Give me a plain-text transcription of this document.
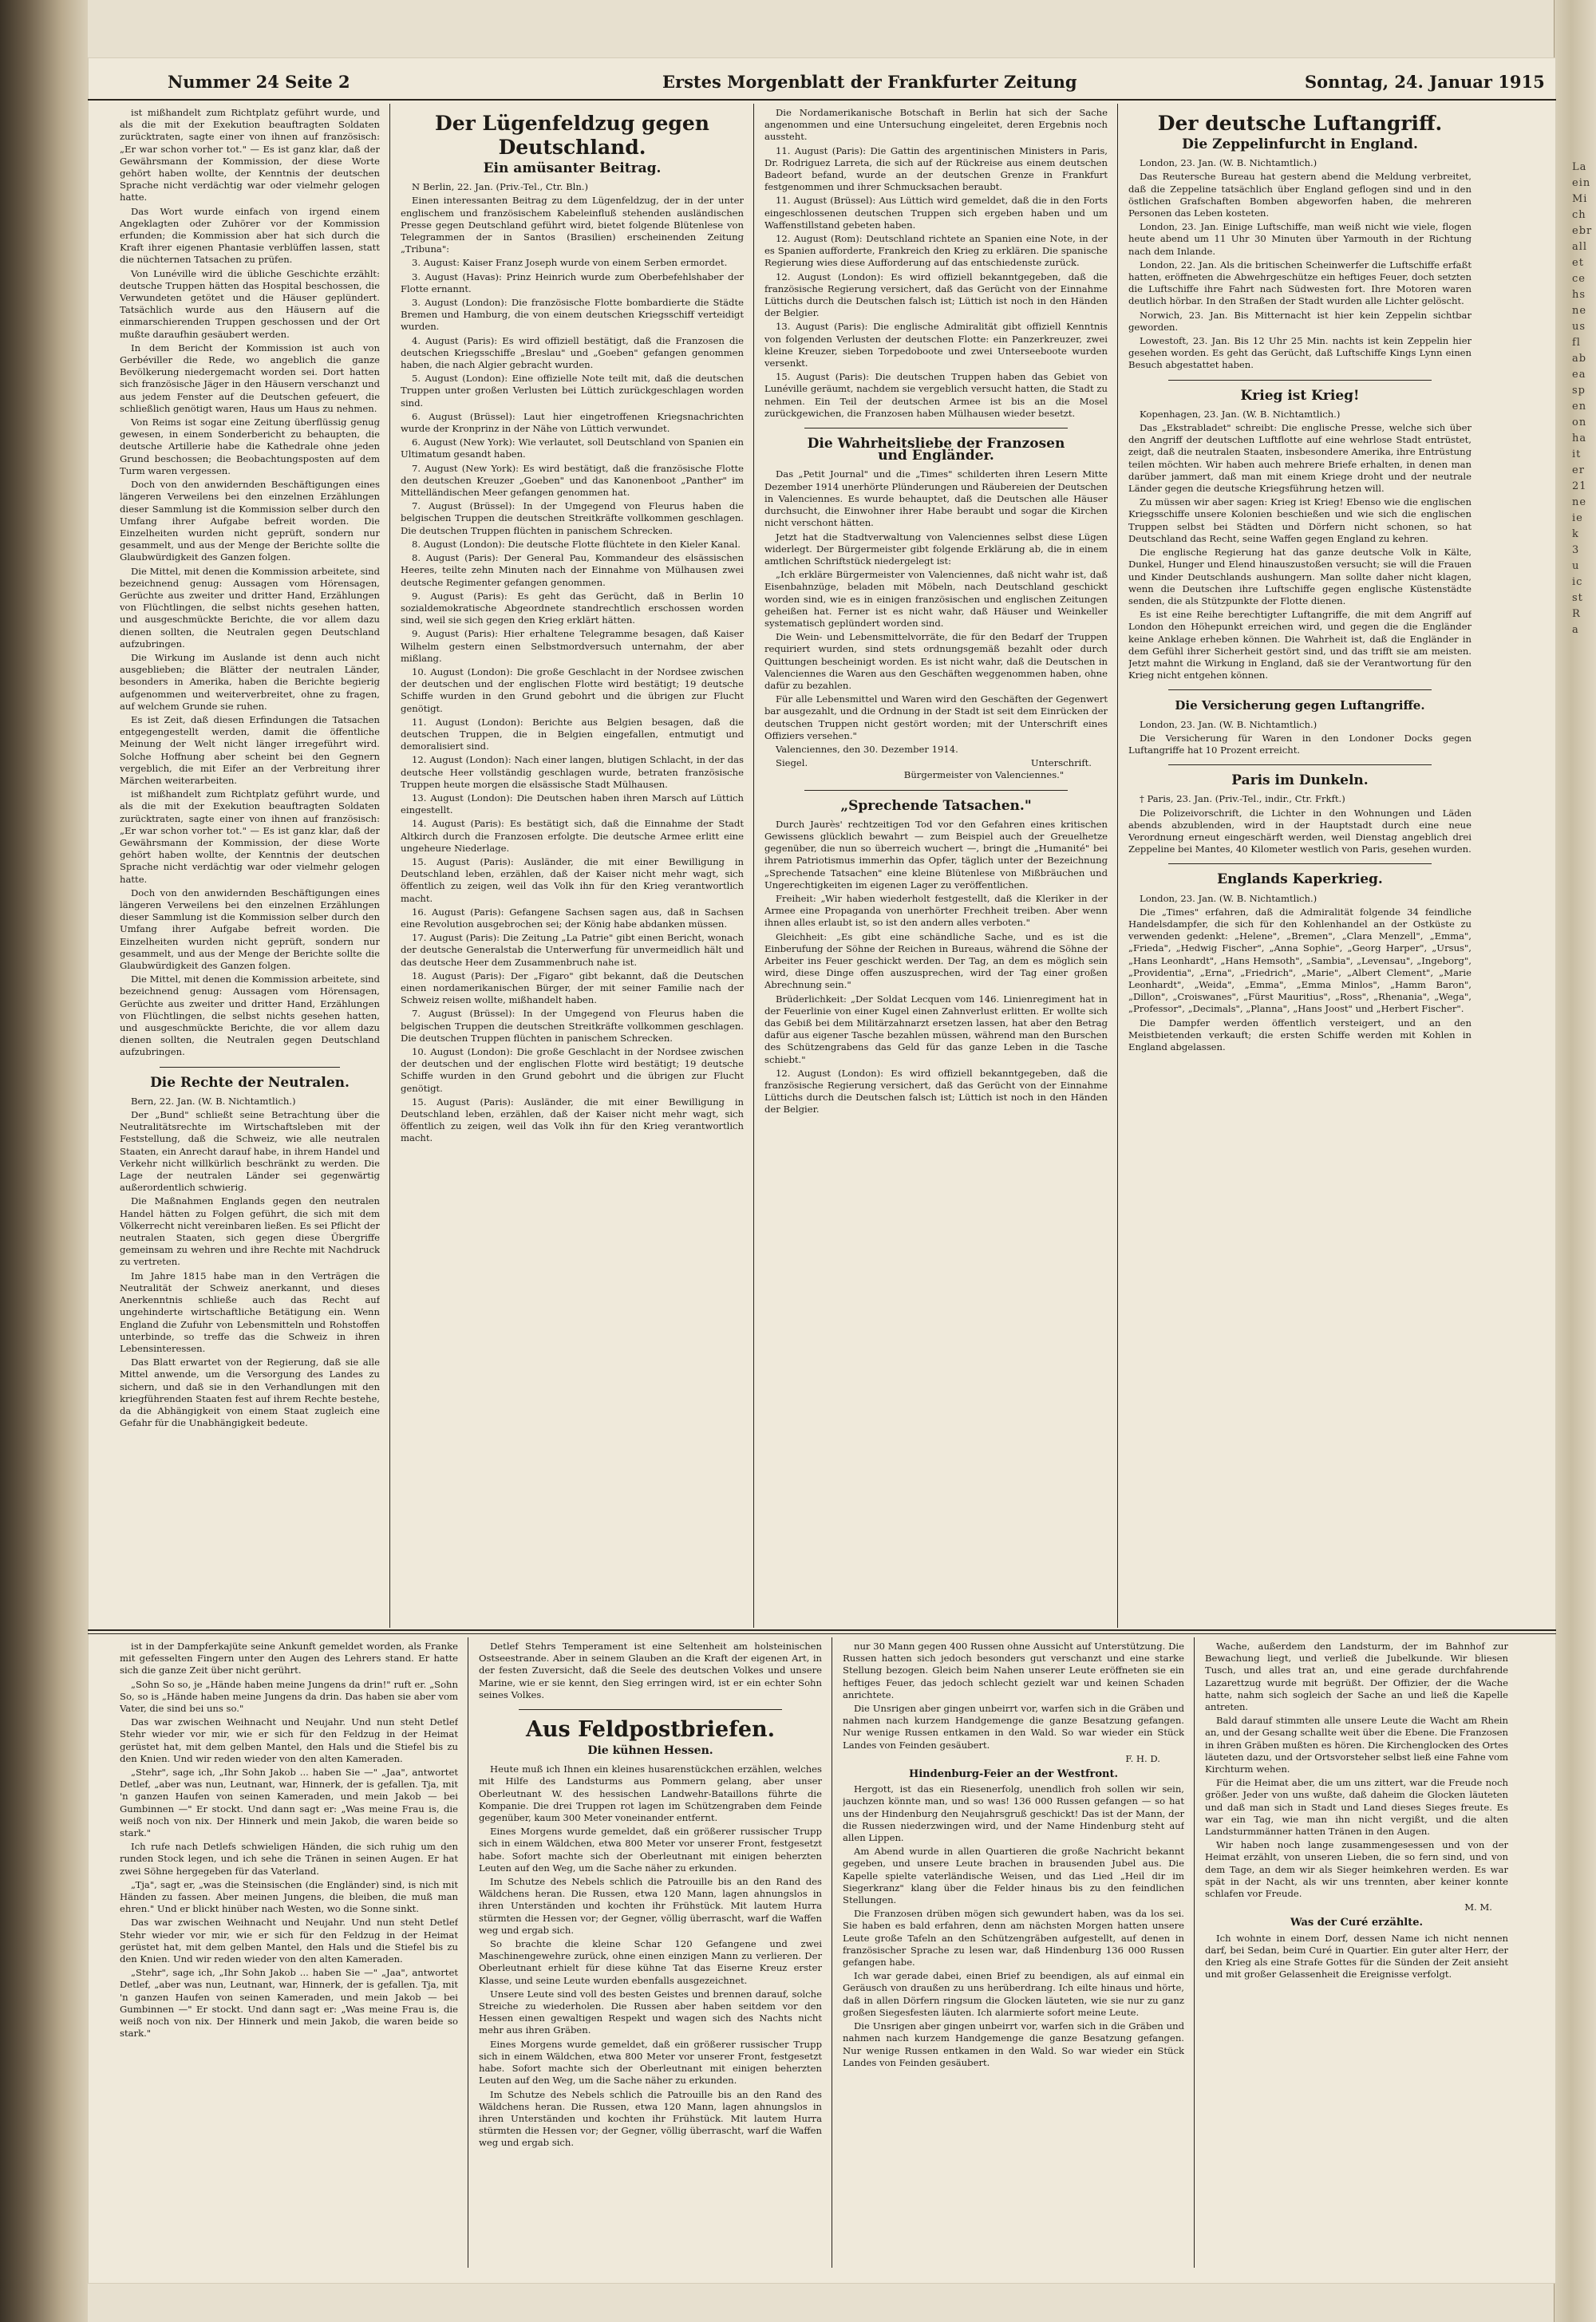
La
ein
Mi
ch
ebr
all
et
ce
hs
ne
us
fl
ab
ea
sp
en
on
ha
it
er
21
ne
ie
k
3
u
ic
st
R
a
Nummer 24 Seite 2	Erstes Morgenblatt der Frankfurter Zeitung	Sonntag, 24. Januar 1915

ist mißhandelt zum Richtplatz geführt wurde, und als die mit der Exekution beauftragten Soldaten zurücktraten, sagte einer von ihnen auf französisch: „Er war schon vorher tot." — Es ist ganz klar, daß der Gewährsmann der Kommission, der diese Worte gehört haben wollte, der Kenntnis der deutschen Sprache nicht verdächtig war oder vielmehr gelogen hatte.

Das Wort wurde einfach von irgend einem Angeklagten oder Zuhörer vor der Kommission erfunden; die Kommission aber hat sich durch die Kraft ihrer eigenen Phantasie verblüffen lassen, statt die nüchternen Tatsachen zu prüfen.

Von Lunéville wird die übliche Geschichte erzählt: deutsche Truppen hätten das Hospital beschossen, die Verwundeten getötet und die Häuser geplündert. Tatsächlich wurde aus den Häusern auf die einmarschierenden Truppen geschossen und der Ort mußte daraufhin gesäubert werden.

In dem Bericht der Kommission ist auch von Gerbéviller die Rede, wo angeblich die ganze Bevölkerung niedergemacht worden sei. Dort hatten sich französische Jäger in den Häusern verschanzt und aus jedem Fenster auf die Deutschen gefeuert, die schließlich genötigt waren, Haus um Haus zu nehmen.

Von Reims ist sogar eine Zeitung überflüssig genug gewesen, in einem Sonderbericht zu behaupten, die deutsche Artillerie habe die Kathedrale ohne jeden Grund beschossen; die Beobachtungsposten auf dem Turm waren vergessen.

Doch von den anwidernden Beschäftigungen eines längeren Verweilens bei den einzelnen Erzählungen dieser Sammlung ist die Kommission selber durch den Umfang ihrer Aufgabe befreit worden. Die Einzelheiten wurden nicht geprüft, sondern nur gesammelt, und aus der Menge der Berichte sollte die Glaubwürdigkeit des Ganzen folgen.

Die Mittel, mit denen die Kommission arbeitete, sind bezeichnend genug: Aussagen vom Hörensagen, Gerüchte aus zweiter und dritter Hand, Erzählungen von Flüchtlingen, die selbst nichts gesehen hatten, und ausgeschmückte Berichte, die vor allem dazu dienen sollten, die Neutralen gegen Deutschland aufzubringen.

Die Wirkung im Auslande ist denn auch nicht ausgeblieben; die Blätter der neutralen Länder, besonders in Amerika, haben die Berichte begierig aufgenommen und weiterverbreitet, ohne zu fragen, auf welchem Grunde sie ruhen.

Es ist Zeit, daß diesen Erfindungen die Tatsachen entgegengestellt werden, damit die öffentliche Meinung der Welt nicht länger irregeführt wird. Solche Hoffnung aber scheint bei den Gegnern vergeblich, die mit Eifer an der Verbreitung ihrer Märchen weiterarbeiten.

ist mißhandelt zum Richtplatz geführt wurde, und als die mit der Exekution beauftragten Soldaten zurücktraten, sagte einer von ihnen auf französisch: „Er war schon vorher tot." — Es ist ganz klar, daß der Gewährsmann der Kommission, der diese Worte gehört haben wollte, der Kenntnis der deutschen Sprache nicht verdächtig war oder vielmehr gelogen hatte.

Doch von den anwidernden Beschäftigungen eines längeren Verweilens bei den einzelnen Erzählungen dieser Sammlung ist die Kommission selber durch den Umfang ihrer Aufgabe befreit worden. Die Einzelheiten wurden nicht geprüft, sondern nur gesammelt, und aus der Menge der Berichte sollte die Glaubwürdigkeit des Ganzen folgen.

Die Mittel, mit denen die Kommission arbeitete, sind bezeichnend genug: Aussagen vom Hörensagen, Gerüchte aus zweiter und dritter Hand, Erzählungen von Flüchtlingen, die selbst nichts gesehen hatten, und ausgeschmückte Berichte, die vor allem dazu dienen sollten, die Neutralen gegen Deutschland aufzubringen.

Die Rechte der Neutralen.

Bern, 22. Jan. (W. B. Nichtamtlich.)

Der „Bund" schließt seine Betrachtung über die Neutralitätsrechte im Wirtschaftsleben mit der Feststellung, daß die Schweiz, wie alle neutralen Staaten, ein Anrecht darauf habe, in ihrem Handel und Verkehr nicht willkürlich beschränkt zu werden. Die Lage der neutralen Länder sei gegenwärtig außerordentlich schwierig.

Die Maßnahmen Englands gegen den neutralen Handel hätten zu Folgen geführt, die sich mit dem Völkerrecht nicht vereinbaren ließen. Es sei Pflicht der neutralen Staaten, sich gegen diese Übergriffe gemeinsam zu wehren und ihre Rechte mit Nachdruck zu vertreten.

Im Jahre 1815 habe man in den Verträgen die Neutralität der Schweiz anerkannt, und dieses Anerkenntnis schließe auch das Recht auf ungehinderte wirtschaftliche Betätigung ein. Wenn England die Zufuhr von Lebensmitteln und Rohstoffen unterbinde, so treffe das die Schweiz in ihren Lebensinteressen.

Das Blatt erwartet von der Regierung, daß sie alle Mittel anwende, um die Versorgung des Landes zu sichern, und daß sie in den Verhandlungen mit den kriegführenden Staaten fest auf ihrem Rechte bestehe, da die Abhängigkeit von einem Staat zugleich eine Gefahr für die Unabhängigkeit bedeute.

Der Lügenfeldzug gegen Deutschland.
Ein amüsanter Beitrag.

N Berlin, 22. Jan. (Priv.-Tel., Ctr. Bln.)

Einen interessanten Beitrag zu dem Lügenfeldzug, der in der unter englischem und französischem Kabeleinfluß stehenden ausländischen Presse gegen Deutschland geführt wird, bietet folgende Blütenlese von Telegrammen der in Santos (Brasilien) erscheinenden Zeitung „Tribuna":

3. August: Kaiser Franz Joseph wurde von einem Serben ermordet.

3. August (Havas): Prinz Heinrich wurde zum Oberbefehlshaber der Flotte ernannt.

3. August (London): Die französische Flotte bombardierte die Städte Bremen und Hamburg, die von einem deutschen Kriegsschiff verteidigt wurden.

4. August (Paris): Es wird offiziell bestätigt, daß die Franzosen die deutschen Kriegsschiffe „Breslau" und „Goeben" gefangen genommen haben, die nach Algier gebracht wurden.

5. August (London): Eine offizielle Note teilt mit, daß die deutschen Truppen unter großen Verlusten bei Lüttich zurückgeschlagen worden sind.

6. August (Brüssel): Laut hier eingetroffenen Kriegsnachrichten wurde der Kronprinz in der Nähe von Lüttich verwundet.

6. August (New York): Wie verlautet, soll Deutschland von Spanien ein Ultimatum gesandt haben.

7. August (New York): Es wird bestätigt, daß die französische Flotte den deutschen Kreuzer „Goeben" und das Kanonenboot „Panther" im Mittelländischen Meer gefangen genommen hat.

7. August (Brüssel): In der Umgegend von Fleurus haben die belgischen Truppen die deutschen Streitkräfte vollkommen geschlagen. Die deutschen Truppen flüchten in panischem Schrecken.

8. August (London): Die deutsche Flotte flüchtete in den Kieler Kanal.

8. August (Paris): Der General Pau, Kommandeur des elsässischen Heeres, teilte zehn Minuten nach der Einnahme von Mülhausen zwei deutsche Regimenter gefangen genommen.

9. August (Paris): Es geht das Gerücht, daß in Berlin 10 sozialdemokratische Abgeordnete standrechtlich erschossen worden sind, weil sie sich gegen den Krieg erklärt hätten.

9. August (Paris): Hier erhaltene Telegramme besagen, daß Kaiser Wilhelm gestern einen Selbstmordversuch unternahm, der aber mißlang.

10. August (London): Die große Geschlacht in der Nordsee zwischen der deutschen und der englischen Flotte wird bestätigt; 19 deutsche Schiffe wurden in den Grund gebohrt und die übrigen zur Flucht genötigt.

11. August (London): Berichte aus Belgien besagen, daß die deutschen Truppen, die in Belgien eingefallen, entmutigt und demoralisiert sind.

12. August (London): Nach einer langen, blutigen Schlacht, in der das deutsche Heer vollständig geschlagen wurde, betraten französische Truppen heute morgen die elsässische Stadt Mülhausen.

13. August (London): Die Deutschen haben ihren Marsch auf Lüttich eingestellt.

14. August (Paris): Es bestätigt sich, daß die Einnahme der Stadt Altkirch durch die Franzosen erfolgte. Die deutsche Armee erlitt eine ungeheure Niederlage.

15. August (Paris): Ausländer, die mit einer Bewilligung in Deutschland leben, erzählen, daß der Kaiser nicht mehr wagt, sich öffentlich zu zeigen, weil das Volk ihn für den Krieg verantwortlich macht.

16. August (Paris): Gefangene Sachsen sagen aus, daß in Sachsen eine Revolution ausgebrochen sei; der König habe abdanken müssen.

17. August (Paris): Die Zeitung „La Patrie" gibt einen Bericht, wonach der deutsche Generalstab die Unterwerfung für unvermeidlich hält und das deutsche Heer dem Zusammenbruch nahe ist.

18. August (Paris): Der „Figaro" gibt bekannt, daß die Deutschen einen nordamerikanischen Bürger, der mit seiner Familie nach der Schweiz reisen wollte, mißhandelt haben.

7. August (Brüssel): In der Umgegend von Fleurus haben die belgischen Truppen die deutschen Streitkräfte vollkommen geschlagen. Die deutschen Truppen flüchten in panischem Schrecken.

10. August (London): Die große Geschlacht in der Nordsee zwischen der deutschen und der englischen Flotte wird bestätigt; 19 deutsche Schiffe wurden in den Grund gebohrt und die übrigen zur Flucht genötigt.

15. August (Paris): Ausländer, die mit einer Bewilligung in Deutschland leben, erzählen, daß der Kaiser nicht mehr wagt, sich öffentlich zu zeigen, weil das Volk ihn für den Krieg verantwortlich macht.

Die Nordamerikanische Botschaft in Berlin hat sich der Sache angenommen und eine Untersuchung eingeleitet, deren Ergebnis noch aussteht.

11. August (Paris): Die Gattin des argentinischen Ministers in Paris, Dr. Rodriguez Larreta, die sich auf der Rückreise aus einem deutschen Badeort befand, wurde an der deutschen Grenze in Frankfurt festgenommen und ihrer Schmucksachen beraubt.

11. August (Brüssel): Aus Lüttich wird gemeldet, daß die in den Forts eingeschlossenen deutschen Truppen sich ergeben haben und um Waffenstillstand gebeten haben.

12. August (Rom): Deutschland richtete an Spanien eine Note, in der es Spanien aufforderte, Frankreich den Krieg zu erklären. Die spanische Regierung wies diese Aufforderung auf das entschiedenste zurück.

12. August (London): Es wird offiziell bekanntgegeben, daß die französische Regierung versichert, daß das Gerücht von der Einnahme Lüttichs durch die Deutschen falsch ist; Lüttich ist noch in den Händen der Belgier.

13. August (Paris): Die englische Admiralität gibt offiziell Kenntnis von folgenden Verlusten der deutschen Flotte: ein Panzerkreuzer, zwei kleine Kreuzer, sieben Torpedoboote und zwei Unterseeboote wurden versenkt.

15. August (Paris): Die deutschen Truppen haben das Gebiet von Lunéville geräumt, nachdem sie vergeblich versucht hatten, die Stadt zu nehmen. Ein Teil der deutschen Armee ist bis an die Mosel zurückgewichen, die Franzosen haben Mülhausen wieder besetzt.

Die Wahrheitsliebe der Franzosen und Engländer.

Das „Petit Journal" und die „Times" schilderten ihren Lesern Mitte Dezember 1914 unerhörte Plünderungen und Räubereien der Deutschen in Valenciennes. Es wurde behauptet, daß die Deutschen alle Häuser durchsucht, die Einwohner ihrer Habe beraubt und sogar die Kirchen nicht verschont hätten.

Jetzt hat die Stadtverwaltung von Valenciennes selbst diese Lügen widerlegt. Der Bürgermeister gibt folgende Erklärung ab, die in einem amtlichen Schriftstück niedergelegt ist:

„Ich erkläre Bürgermeister von Valenciennes, daß nicht wahr ist, daß Eisenbahnzüge, beladen mit Möbeln, nach Deutschland geschickt worden sind, wie es in einigen französischen und englischen Zeitungen geheißen hat. Ferner ist es nicht wahr, daß Häuser und Weinkeller systematisch geplündert worden sind.

Die Wein- und Lebensmittelvorräte, die für den Bedarf der Truppen requiriert wurden, sind stets ordnungsgemäß bezahlt oder durch Quittungen bescheinigt worden. Es ist nicht wahr, daß die Deutschen in Valenciennes die Waren aus den Geschäften weggenommen haben, ohne dafür zu bezahlen.

Für alle Lebensmittel und Waren wird den Geschäften der Gegenwert bar ausgezahlt, und die Ordnung in der Stadt ist seit dem Einrücken der deutschen Truppen nicht gestört worden; mit der Unterschrift eines Offiziers versehen."

Valenciennes, den 30. Dezember 1914.

Siegel.	Unterschrift.

Bürgermeister von Valenciennes."

„Sprechende Tatsachen."

Durch Jaurès' rechtzeitigen Tod vor den Gefahren eines kritischen Gewissens glücklich bewahrt — zum Beispiel auch der Greuelhetze gegenüber, die nun so überreich wuchert —, bringt die „Humanité" bei ihrem Patriotismus immerhin das Opfer, täglich unter der Bezeichnung „Sprechende Tatsachen" eine kleine Blütenlese von Mißbräuchen und Ungerechtigkeiten im eigenen Lager zu veröffentlichen.

Freiheit: „Wir haben wiederholt festgestellt, daß die Kleriker in der Armee eine Propaganda von unerhörter Frechheit treiben. Aber wenn ihnen alles erlaubt ist, so ist den andern alles verboten."

Gleichheit: „Es gibt eine schändliche Sache, und es ist die Einberufung der Söhne der Reichen in Bureaus, während die Söhne der Arbeiter ins Feuer geschickt werden. Der Tag, an dem es möglich sein wird, diese Dinge offen auszusprechen, wird der Tag einer großen Abrechnung sein."

Brüderlichkeit: „Der Soldat Lecquen vom 146. Linienregiment hat in der Feuerlinie von einer Kugel einen Zahnverlust erlitten. Er wollte sich das Gebiß bei dem Militärzahnarzt ersetzen lassen, hat aber den Betrag dafür aus eigener Tasche bezahlen müssen, während man den Burschen des Schützengrabens das Geld für das ganze Leben in die Tasche schiebt."

12. August (London): Es wird offiziell bekanntgegeben, daß die französische Regierung versichert, daß das Gerücht von der Einnahme Lüttichs durch die Deutschen falsch ist; Lüttich ist noch in den Händen der Belgier.

Der deutsche Luftangriff.
Die Zeppelinfurcht in England.

London, 23. Jan. (W. B. Nichtamtlich.)

Das Reutersche Bureau hat gestern abend die Meldung verbreitet, daß die Zeppeline tatsächlich über England geflogen sind und in den östlichen Grafschaften Bomben abgeworfen haben, die mehreren Personen das Leben kosteten.

London, 23. Jan. Einige Luftschiffe, man weiß nicht wie viele, flogen heute abend um 11 Uhr 30 Minuten über Yarmouth in der Richtung nach dem Inlande.

London, 22. Jan. Als die britischen Scheinwerfer die Luftschiffe erfaßt hatten, eröffneten die Abwehrgeschütze ein heftiges Feuer, doch setzten die Luftschiffe ihre Fahrt nach Südwesten fort. Ihre Motoren waren deutlich hörbar. In den Straßen der Stadt wurden alle Lichter gelöscht.

Norwich, 23. Jan. Bis Mitternacht ist hier kein Zeppelin sichtbar geworden.

Lowestoft, 23. Jan. Bis 12 Uhr 25 Min. nachts ist kein Zeppelin hier gesehen worden. Es geht das Gerücht, daß Luftschiffe Kings Lynn einen Besuch abgestattet haben.

Krieg ist Krieg!

Kopenhagen, 23. Jan. (W. B. Nichtamtlich.)

Das „Ekstrabladet" schreibt: Die englische Presse, welche sich über den Angriff der deutschen Luftflotte auf eine wehrlose Stadt entrüstet, zeigt, daß die neutralen Staaten, insbesondere Amerika, ihre Entrüstung teilen möchten. Wir haben auch mehrere Briefe erhalten, in denen man darüber jammert, daß man mit einem Kriege droht und der neutrale Länder gegen die deutsche Kriegsführung hetzen will.

Zu müssen wir aber sagen: Krieg ist Krieg! Ebenso wie die englischen Kriegsschiffe unsere Kolonien beschießen und wie sich die englischen Truppen selbst bei Städten und Dörfern nicht schonen, so hat Deutschland das Recht, seine Waffen gegen England zu kehren.

Die englische Regierung hat das ganze deutsche Volk in Kälte, Dunkel, Hunger und Elend hinauszustoßen versucht; sie will die Frauen und Kinder Deutschlands aushungern. Man sollte daher nicht klagen, wenn die Deutschen ihre Luftschiffe gegen englische Küstenstädte senden, die als Stützpunkte der Flotte dienen.

Es ist eine Reihe berechtigter Luftangriffe, die mit dem Angriff auf London den Höhepunkt erreichen wird, und gegen die die Engländer keine Anklage erheben können. Die Wahrheit ist, daß die Engländer in dem Gefühl ihrer Sicherheit gestört sind, und das trifft sie am meisten. Jetzt mahnt die Wirkung in England, daß sie der Verantwortung für den Krieg nicht entgehen können.

Die Versicherung gegen Luftangriffe.

London, 23. Jan. (W. B. Nichtamtlich.)

Die Versicherung für Waren in den Londoner Docks gegen Luftangriffe hat 10 Prozent erreicht.

Paris im Dunkeln.

† Paris, 23. Jan. (Priv.-Tel., indir., Ctr. Frkft.)

Die Polizeivorschrift, die Lichter in den Wohnungen und Läden abends abzublenden, wird in der Hauptstadt durch eine neue Verordnung erneut eingeschärft werden, weil Dienstag angeblich drei Zeppeline bei Mantes, 40 Kilometer westlich von Paris, gesehen wurden.

Englands Kaperkrieg.

London, 23. Jan. (W. B. Nichtamtlich.)

Die „Times" erfahren, daß die Admiralität folgende 34 feindliche Handelsdampfer, die sich für den Kohlenhandel an der Ostküste zu verwenden gedenkt: „Helene", „Bremen", „Clara Menzell", „Emma", „Frieda", „Hedwig Fischer", „Anna Sophie", „Georg Harper", „Ursus", „Hans Leonhardt", „Hans Hemsoth", „Sambia", „Levensau", „Ingeborg", „Providentia", „Erna", „Friedrich", „Marie", „Albert Clement", „Marie Leonhardt", „Weida", „Emma", „Emma Minlos", „Hamm Baron", „Dillon", „Croiswanes", „Fürst Mauritius", „Ross", „Rhenania", „Wega", „Professor", „Decimals", „Planna", „Hans Joost" und „Herbert Fischer".

Die Dampfer werden öffentlich versteigert, und an den Meistbietenden verkauft; die ersten Schiffe werden mit Kohlen in England abgelassen.

ist in der Dampferkajüte seine Ankunft gemeldet worden, als Franke mit gefesselten Fingern unter den Augen des Lehrers stand. Er hatte sich die ganze Zeit über nicht gerührt.

„Sohn So so, je „Hände haben meine Jungens da drin!" ruft er. „Sohn So, so is „Hände haben meine Jungens da drin. Das haben sie aber vom Vater, die sind bei uns so."

Das war zwischen Weihnacht und Neujahr. Und nun steht Detlef Stehr wieder vor mir, wie er sich für den Feldzug in der Heimat gerüstet hat, mit dem gelben Mantel, den Hals und die Stiefel bis zu den Knien. Und wir reden wieder von den alten Kameraden.

„Stehr", sage ich, „Ihr Sohn Jakob ... haben Sie —" „Jaa", antwortet Detlef, „aber was nun, Leutnant, war, Hinnerk, der is gefallen. Tja, mit 'n ganzen Haufen von seinen Kameraden, und mein Jakob — bei Gumbinnen —" Er stockt. Und dann sagt er: „Was meine Frau is, die weiß noch von nix. Der Hinnerk und mein Jakob, die waren beide so stark."

Ich rufe nach Detlefs schwieligen Händen, die sich ruhig um den runden Stock legen, und ich sehe die Tränen in seinen Augen. Er hat zwei Söhne hergegeben für das Vaterland.

„Tja", sagt er, „was die Steinsischen (die Engländer) sind, is nich mit Händen zu fassen. Aber meinen Jungens, die bleiben, die muß man ehren." Und er blickt hinüber nach Westen, wo die Sonne sinkt.

Das war zwischen Weihnacht und Neujahr. Und nun steht Detlef Stehr wieder vor mir, wie er sich für den Feldzug in der Heimat gerüstet hat, mit dem gelben Mantel, den Hals und die Stiefel bis zu den Knien. Und wir reden wieder von den alten Kameraden.

„Stehr", sage ich, „Ihr Sohn Jakob ... haben Sie —" „Jaa", antwortet Detlef, „aber was nun, Leutnant, war, Hinnerk, der is gefallen. Tja, mit 'n ganzen Haufen von seinen Kameraden, und mein Jakob — bei Gumbinnen —" Er stockt. Und dann sagt er: „Was meine Frau is, die weiß noch von nix. Der Hinnerk und mein Jakob, die waren beide so stark."

Detlef Stehrs Temperament ist eine Seltenheit am holsteinischen Ostseestrande. Aber in seinem Glauben an die Kraft der eigenen Art, in der festen Zuversicht, daß die Seele des deutschen Volkes und unsere Marine, wie er sie kennt, den Sieg erringen wird, ist er ein echter Sohn seines Volkes.

Aus Feldpostbriefen.
Die kühnen Hessen.

Heute muß ich Ihnen ein kleines husarenstückchen erzählen, welches mit Hilfe des Landsturms aus Pommern gelang, aber unser Oberleutnant W. des hessischen Landwehr-Bataillons führte die Kompanie. Die drei Truppen rot lagen im Schützengraben dem Feinde gegenüber, kaum 300 Meter voneinander entfernt.

Eines Morgens wurde gemeldet, daß ein größerer russischer Trupp sich in einem Wäldchen, etwa 800 Meter vor unserer Front, festgesetzt habe. Sofort machte sich der Oberleutnant mit einigen beherzten Leuten auf den Weg, um die Sache näher zu erkunden.

Im Schutze des Nebels schlich die Patrouille bis an den Rand des Wäldchens heran. Die Russen, etwa 120 Mann, lagen ahnungslos in ihren Unterständen und kochten ihr Frühstück. Mit lautem Hurra stürmten die Hessen vor; der Gegner, völlig überrascht, warf die Waffen weg und ergab sich.

So brachte die kleine Schar 120 Gefangene und zwei Maschinengewehre zurück, ohne einen einzigen Mann zu verlieren. Der Oberleutnant erhielt für diese kühne Tat das Eiserne Kreuz erster Klasse, und seine Leute wurden ebenfalls ausgezeichnet.

Unsere Leute sind voll des besten Geistes und brennen darauf, solche Streiche zu wiederholen. Die Russen aber haben seitdem vor den Hessen einen gewaltigen Respekt und wagen sich des Nachts nicht mehr aus ihren Gräben.

Eines Morgens wurde gemeldet, daß ein größerer russischer Trupp sich in einem Wäldchen, etwa 800 Meter vor unserer Front, festgesetzt habe. Sofort machte sich der Oberleutnant mit einigen beherzten Leuten auf den Weg, um die Sache näher zu erkunden.

Im Schutze des Nebels schlich die Patrouille bis an den Rand des Wäldchens heran. Die Russen, etwa 120 Mann, lagen ahnungslos in ihren Unterständen und kochten ihr Frühstück. Mit lautem Hurra stürmten die Hessen vor; der Gegner, völlig überrascht, warf die Waffen weg und ergab sich.

nur 30 Mann gegen 400 Russen ohne Aussicht auf Unterstützung. Die Russen hatten sich jedoch besonders gut verschanzt und eine starke Stellung bezogen. Gleich beim Nahen unserer Leute eröffneten sie ein heftiges Feuer, das jedoch schlecht gezielt war und keinen Schaden anrichtete.

Die Unsrigen aber gingen unbeirrt vor, warfen sich in die Gräben und nahmen nach kurzem Handgemenge die ganze Besatzung gefangen. Nur wenige Russen entkamen in den Wald. So war wieder ein Stück Landes von Feinden gesäubert.

F. H. D.

Hindenburg-Feier an der Westfront.

Hergott, ist das ein Riesenerfolg, unendlich froh sollen wir sein, jauchzen könnte man, und so was! 136 000 Russen gefangen — so hat uns der Hindenburg den Neujahrsgruß geschickt! Das ist der Mann, der die Russen niederzwingen wird, und der Name Hindenburg steht auf allen Lippen.

Am Abend wurde in allen Quartieren die große Nachricht bekannt gegeben, und unsere Leute brachen in brausenden Jubel aus. Die Kapelle spielte vaterländische Weisen, und das Lied „Heil dir im Siegerkranz" klang über die Felder hinaus bis zu den feindlichen Stellungen.

Die Franzosen drüben mögen sich gewundert haben, was da los sei. Sie haben es bald erfahren, denn am nächsten Morgen hatten unsere Leute große Tafeln an den Schützengräben aufgestellt, auf denen in französischer Sprache zu lesen war, daß Hindenburg 136 000 Russen gefangen habe.

Ich war gerade dabei, einen Brief zu beendigen, als auf einmal ein Geräusch von draußen zu uns herüberdrang. Ich eilte hinaus und hörte, daß in allen Dörfern ringsum die Glocken läuteten, wie sie nur zu ganz großen Siegesfesten läuten. Ich alarmierte sofort meine Leute.

Die Unsrigen aber gingen unbeirrt vor, warfen sich in die Gräben und nahmen nach kurzem Handgemenge die ganze Besatzung gefangen. Nur wenige Russen entkamen in den Wald. So war wieder ein Stück Landes von Feinden gesäubert.

Wache, außerdem den Landsturm, der im Bahnhof zur Bewachung liegt, und verließ die Jubelkunde. Wir bliesen Tusch, und alles trat an, und eine gerade durchfahrende Lazarettzug wurde mit begrüßt. Der Offizier, der die Wache hatte, nahm sich sogleich der Sache an und ließ die Kapelle antreten.

Bald darauf stimmten alle unsere Leute die Wacht am Rhein an, und der Gesang schallte weit über die Ebene. Die Franzosen in ihren Gräben mußten es hören. Die Kirchenglocken des Ortes läuteten dazu, und der Ortsvorsteher selbst ließ eine Fahne vom Kirchturm wehen.

Für die Heimat aber, die um uns zittert, war die Freude noch größer. Jeder von uns wußte, daß daheim die Glocken läuteten und daß man sich in Stadt und Land dieses Sieges freute. Es war ein Tag, wie man ihn nicht vergißt, und die alten Landsturmmänner hatten Tränen in den Augen.

Wir haben noch lange zusammengesessen und von der Heimat erzählt, von unseren Lieben, die so fern sind, und von dem Tage, an dem wir als Sieger heimkehren werden. Es war spät in der Nacht, als wir uns trennten, aber keiner konnte schlafen vor Freude.

M. M.

Was der Curé erzählte.

Ich wohnte in einem Dorf, dessen Name ich nicht nennen darf, bei Sedan, beim Curé in Quartier. Ein guter alter Herr, der den Krieg als eine Strafe Gottes für die Sünden der Zeit ansieht und mit großer Gelassenheit die Ereignisse verfolgt.
